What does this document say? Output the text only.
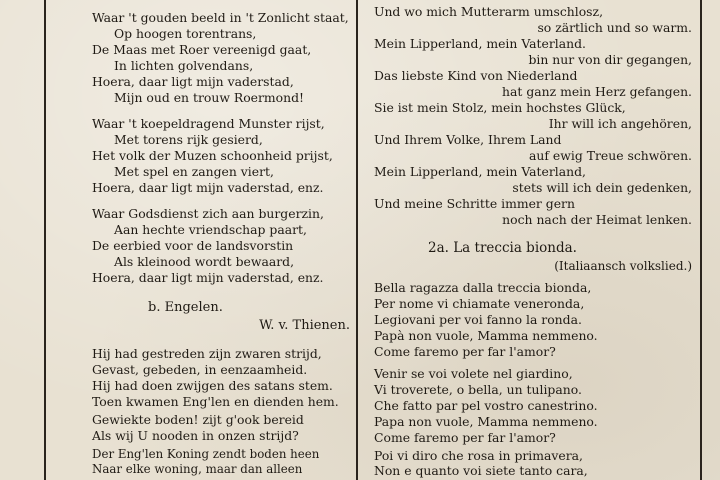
Waar 't gouden beeld in 't Zonlicht staat,
Op hoogen torentrans,
De Maas met Roer vereenigd gaat,
In lichten golvendans,
Hoera, daar ligt mijn vaderstad,
Mijn oud en trouw Roermond!
Waar 't koepeldragend Munster rijst,
Met torens rijk gesierd,
Het volk der Muzen schoonheid prijst,
Met spel en zangen viert,
Hoera, daar ligt mijn vaderstad, enz.
Waar Godsdienst zich aan burgerzin,
Aan hechte vriendschap paart,
De eerbied voor de landsvorstin
Als kleinood wordt bewaard,
Hoera, daar ligt mijn vaderstad, enz.
b. Engelen.
W. v. Thienen.
Hij had gestreden zijn zwaren strijd,
Gevast, gebeden, in eenzaamheid.
Hij had doen zwijgen des satans stem.
Toen kwamen Eng'len en dienden hem.
Gewiekte boden! zijt g'ook bereid
Als wij U nooden in onzen strijd?
Der Eng'len Koning zendt boden heen
Naar elke woning, maar dan alleen
Und wo mich Mutterarm umschlosz,
so zärtlich und so warm.
Mein Lipperland, mein Vaterland.
bin nur von dir gegangen,
Das liebste Kind von Niederland
hat ganz mein Herz gefangen.
Sie ist mein Stolz, mein hochstes Glück,
Ihr will ich angehören,
Und Ihrem Volke, Ihrem Land
auf ewig Treue schwören.
Mein Lipperland, mein Vaterland,
stets will ich dein gedenken,
Und meine Schritte immer gern
noch nach der Heimat lenken.
2a. La treccia bionda.
(Italiaansch volkslied.)
Bella ragazza dalla treccia bionda,
Per nome vi chiamate veneronda,
Legiovani per voi fanno la ronda.
Papà non vuole, Mamma nemmeno.
Come faremo per far l'amor?
Venir se voi volete nel giardino,
Vi troverete, o bella, un tulipano.
Che fatto par pel vostro canestrino.
Papa non vuole, Mamma nemmeno.
Come faremo per far l'amor?
Poi vi diro che rosa in primavera,
Non e quanto voi siete tanto cara,
